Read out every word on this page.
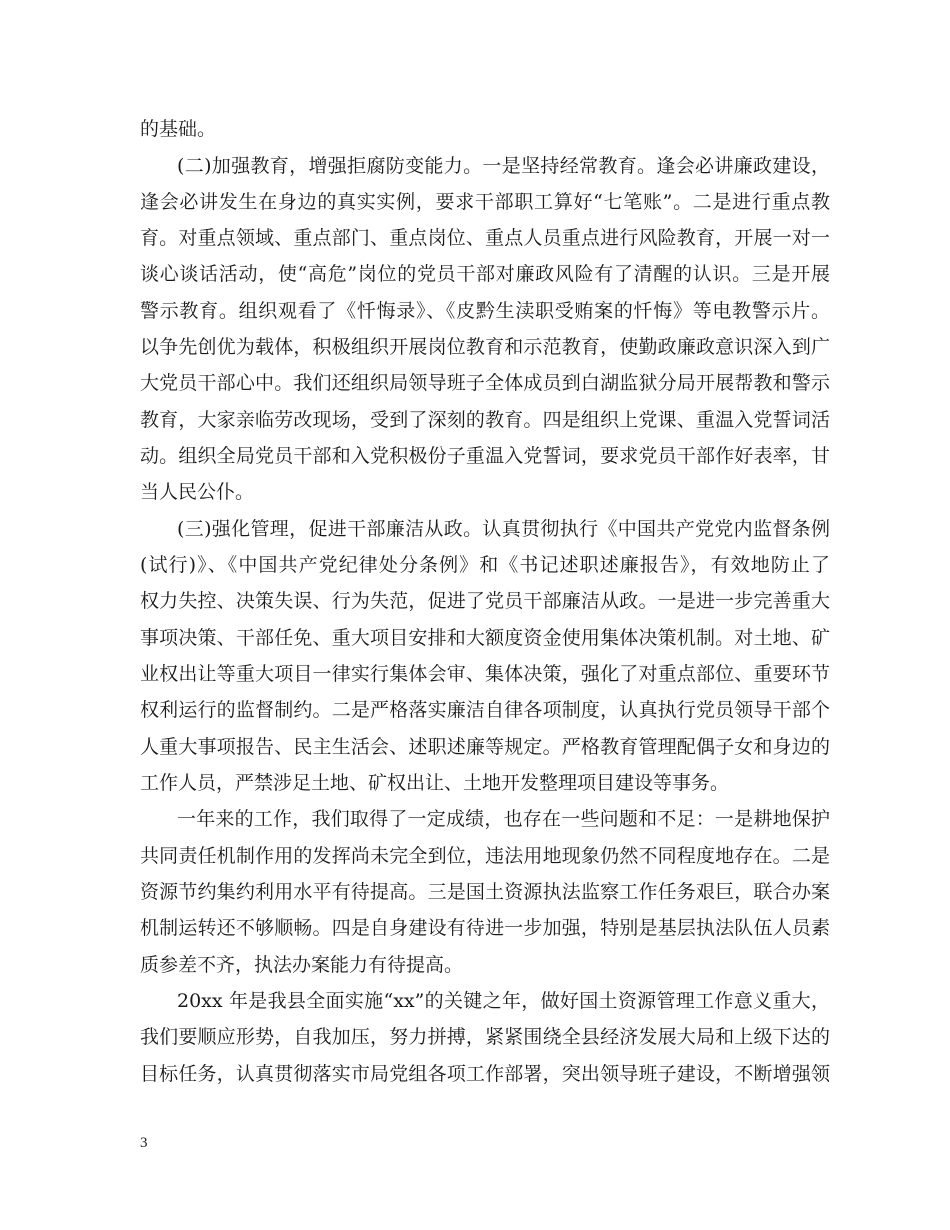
的基础。
(二)加强教育，增强拒腐防变能力。一是坚持经常教育。逢会必讲廉政建设，
逢会必讲发生在身边的真实实例，要求干部职工算好“七笔账”。二是进行重点教
育。对重点领域、重点部门、重点岗位、重点人员重点进行风险教育，开展一对一
谈心谈话活动，使“高危”岗位的党员干部对廉政风险有了清醒的认识。三是开展
警示教育。组织观看了《忏悔录》、《皮黔生渎职受贿案的忏悔》等电教警示片。
以争先创优为载体，积极组织开展岗位教育和示范教育，使勤政廉政意识深入到广
大党员干部心中。我们还组织局领导班子全体成员到白湖监狱分局开展帮教和警示
教育，大家亲临劳改现场，受到了深刻的教育。四是组织上党课、重温入党誓词活
动。组织全局党员干部和入党积极份子重温入党誓词，要求党员干部作好表率，甘
当人民公仆。
(三)强化管理，促进干部廉洁从政。认真贯彻执行《中国共产党党内监督条例
(试行)》、《中国共产党纪律处分条例》和《书记述职述廉报告》，有效地防止了
权力失控、决策失误、行为失范，促进了党员干部廉洁从政。一是进一步完善重大
事项决策、干部任免、重大项目安排和大额度资金使用集体决策机制。对土地、矿
业权出让等重大项目一律实行集体会审、集体决策，强化了对重点部位、重要环节
权利运行的监督制约。二是严格落实廉洁自律各项制度，认真执行党员领导干部个
人重大事项报告、民主生活会、述职述廉等规定。严格教育管理配偶子女和身边的
工作人员，严禁涉足土地、矿权出让、土地开发整理项目建设等事务。
一年来的工作，我们取得了一定成绩，也存在一些问题和不足：一是耕地保护
共同责任机制作用的发挥尚未完全到位，违法用地现象仍然不同程度地存在。二是
资源节约集约利用水平有待提高。三是国土资源执法监察工作任务艰巨，联合办案
机制运转还不够顺畅。四是自身建设有待进一步加强，特别是基层执法队伍人员素
质参差不齐，执法办案能力有待提高。
20xx 年是我县全面实施“xx”的关键之年，做好国土资源管理工作意义重大，
我们要顺应形势，自我加压，努力拼搏，紧紧围绕全县经济发展大局和上级下达的
目标任务，认真贯彻落实市局党组各项工作部署，突出领导班子建设，不断增强领
3
